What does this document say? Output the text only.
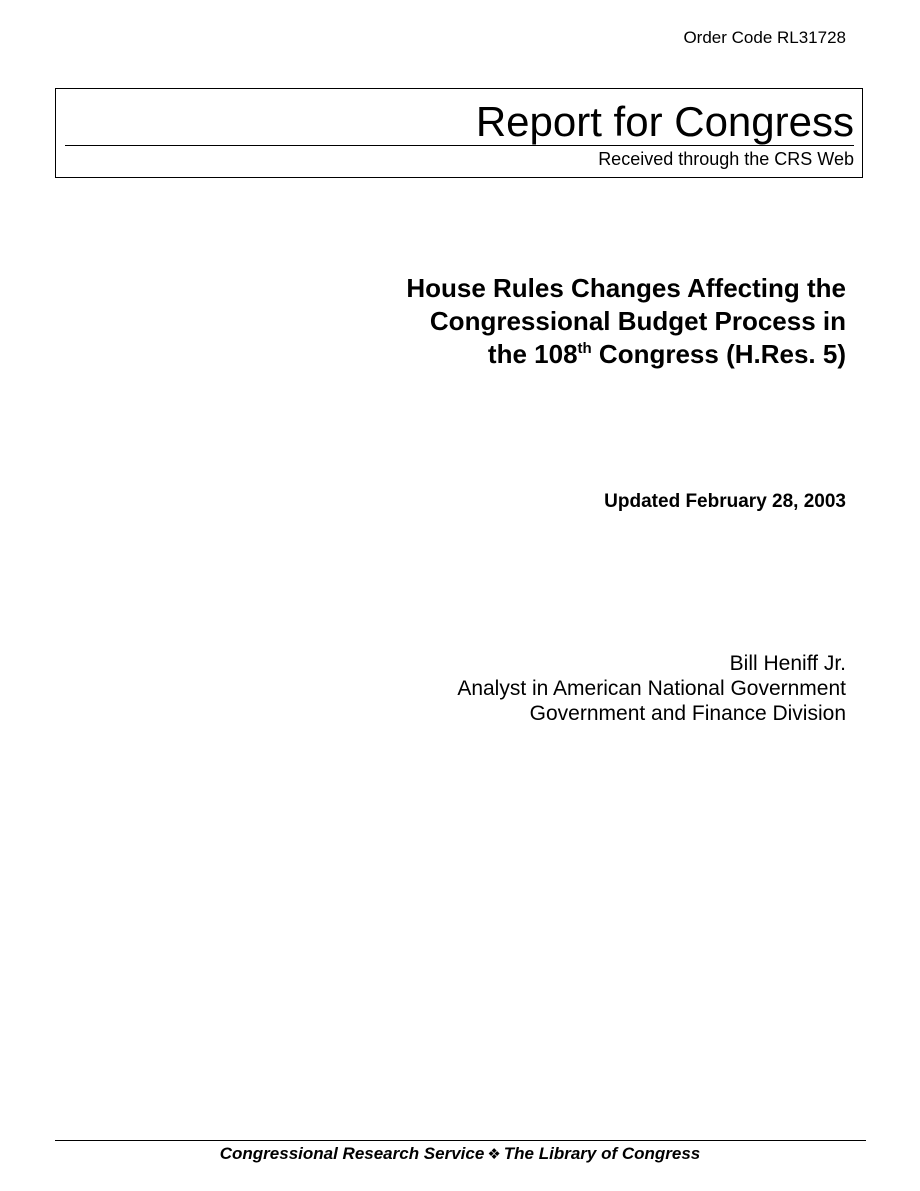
Order Code RL31728
Report for Congress
Received through the CRS Web
House Rules Changes Affecting the
Congressional Budget Process in
the 108th Congress (H.Res. 5)
Updated February 28, 2003
Bill Heniff Jr.
Analyst in American National Government
Government and Finance Division
Congressional Research Service ❖ The Library of Congress
